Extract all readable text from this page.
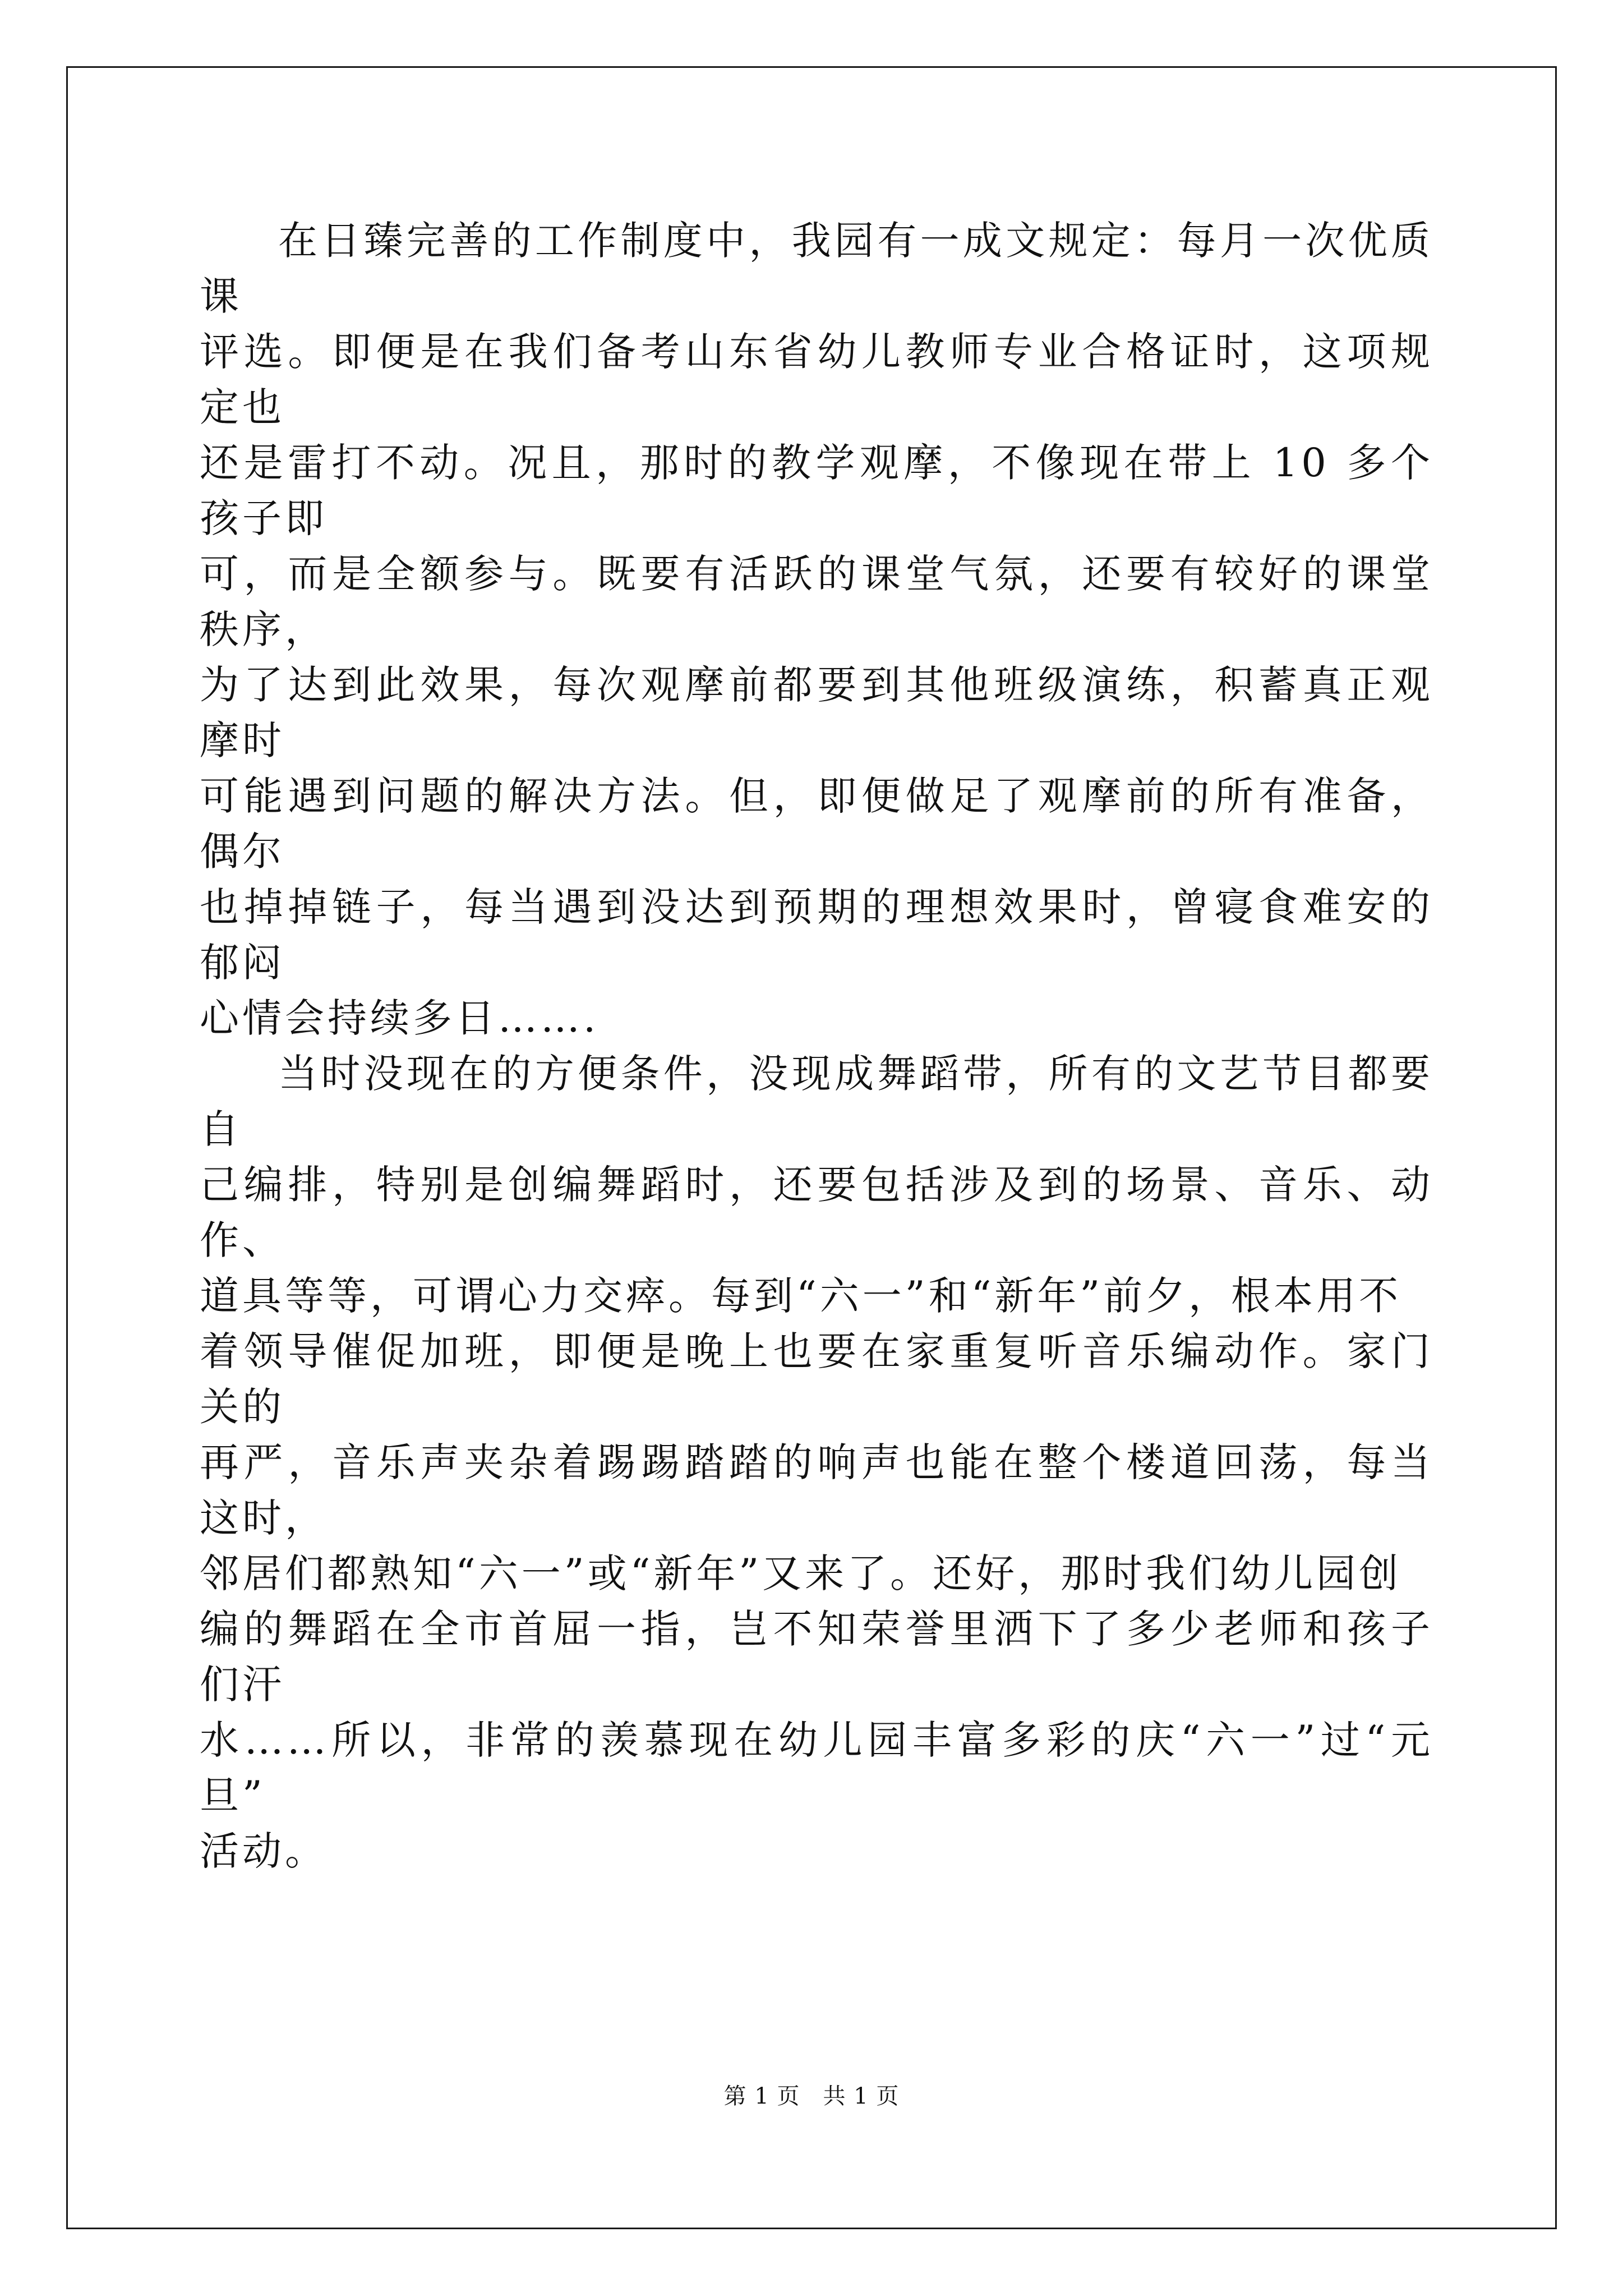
在日臻完善的工作制度中，我园有一成文规定：每月一次优质课
评选。即便是在我们备考山东省幼儿教师专业合格证时，这项规定也
还是雷打不动。况且，那时的教学观摩，不像现在带上 10 多个孩子即
可，而是全额参与。既要有活跃的课堂气氛，还要有较好的课堂秩序，
为了达到此效果，每次观摩前都要到其他班级演练，积蓄真正观摩时
可能遇到问题的解决方法。但，即便做足了观摩前的所有准备，偶尔
也掉掉链子，每当遇到没达到预期的理想效果时，曾寝食难安的郁闷
心情会持续多日…….

当时没现在的方便条件，没现成舞蹈带，所有的文艺节目都要自
己编排，特别是创编舞蹈时，还要包括涉及到的场景、音乐、动作、
道具等等，可谓心力交瘁。每到“六一”和“新年”前夕，根本用不
着领导催促加班，即便是晚上也要在家重复听音乐编动作。家门关的
再严，音乐声夹杂着踢踢踏踏的响声也能在整个楼道回荡，每当这时，
邻居们都熟知“六一”或“新年”又来了。还好，那时我们幼儿园创
编的舞蹈在全市首屈一指，岂不知荣誉里洒下了多少老师和孩子们汗
水……所以，非常的羡慕现在幼儿园丰富多彩的庆“六一”过“元旦”
活动。

第 1 页　共 1 页
